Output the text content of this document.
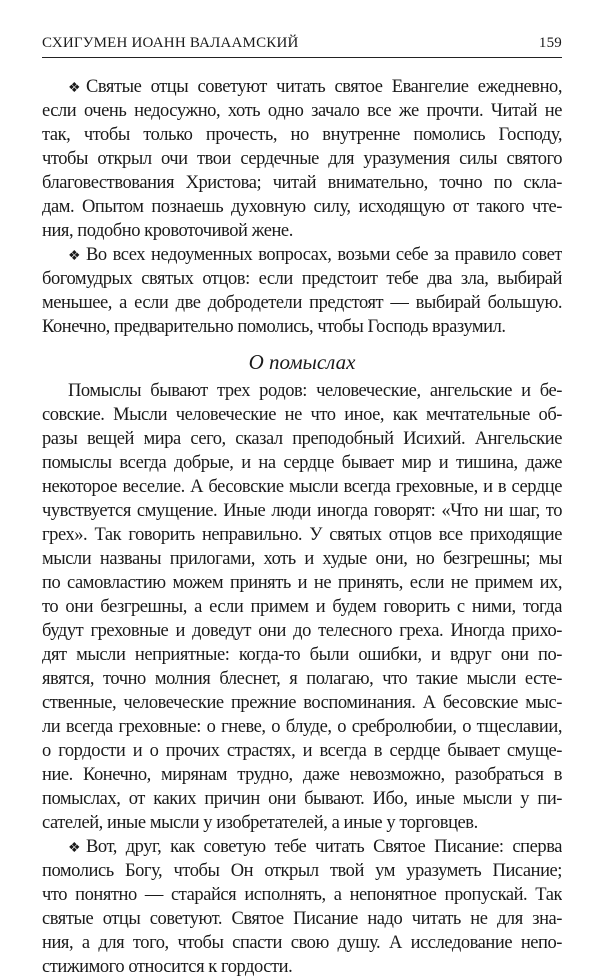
СХИГУМЕН ИОАНН ВАЛААМСКИЙ	159
❖ Святые отцы советуют читать святое Евангелие ежедневно,
если очень недосужно, хоть одно зачало все же прочти. Читай не
так, чтобы только прочесть, но внутренне помолись Господу,
чтобы открыл очи твои сердечные для уразумения силы святого
благовествования Христова; читай внимательно, точно по скла-
дам. Опытом познаешь духовную силу, исходящую от такого чте-
ния, подобно кровоточивой жене.
❖ Во всех недоуменных вопросах, возьми себе за правило совет
богомудрых святых отцов: если предстоит тебе два зла, выбирай
меньшее, а если две добродетели предстоят — выбирай большую.
Конечно, предварительно помолись, чтобы Господь вразумил.
О помыслах
Помыслы бывают трех родов: человеческие, ангельские и бе-
совские. Мысли человеческие не что иное, как мечтательные об-
разы вещей мира сего, сказал преподобный Исихий. Ангельские
помыслы всегда добрые, и на сердце бывает мир и тишина, даже
некоторое веселие. А бесовские мысли всегда греховные, и в сердце
чувствуется смущение. Иные люди иногда говорят: «Что ни шаг, то
грех». Так говорить неправильно. У святых отцов все приходящие
мысли названы прилогами, хоть и худые они, но безгрешны; мы
по самовластию можем принять и не принять, если не примем их,
то они безгрешны, а если примем и будем говорить с ними, тогда
будут греховные и доведут они до телесного греха. Иногда прихо-
дят мысли неприятные: когда-то были ошибки, и вдруг они по-
явятся, точно молния блеснет, я полагаю, что такие мысли есте-
ственные, человеческие прежние воспоминания. А бесовские мыс-
ли всегда греховные: о гневе, о блуде, о сребролюбии, о тщеславии,
о гордости и о прочих страстях, и всегда в сердце бывает смуще-
ние. Конечно, мирянам трудно, даже невозможно, разобраться в
помыслах, от каких причин они бывают. Ибо, иные мысли у пи-
сателей, иные мысли у изобретателей, а иные у торговцев.
❖ Вот, друг, как советую тебе читать Святое Писание: сперва
помолись Богу, чтобы Он открыл твой ум уразуметь Писание;
что понятно — старайся исполнять, а непонятное пропускай. Так
святые отцы советуют. Святое Писание надо читать не для зна-
ния, а для того, чтобы спасти свою душу. А исследование непо-
стижимого относится к гордости.
